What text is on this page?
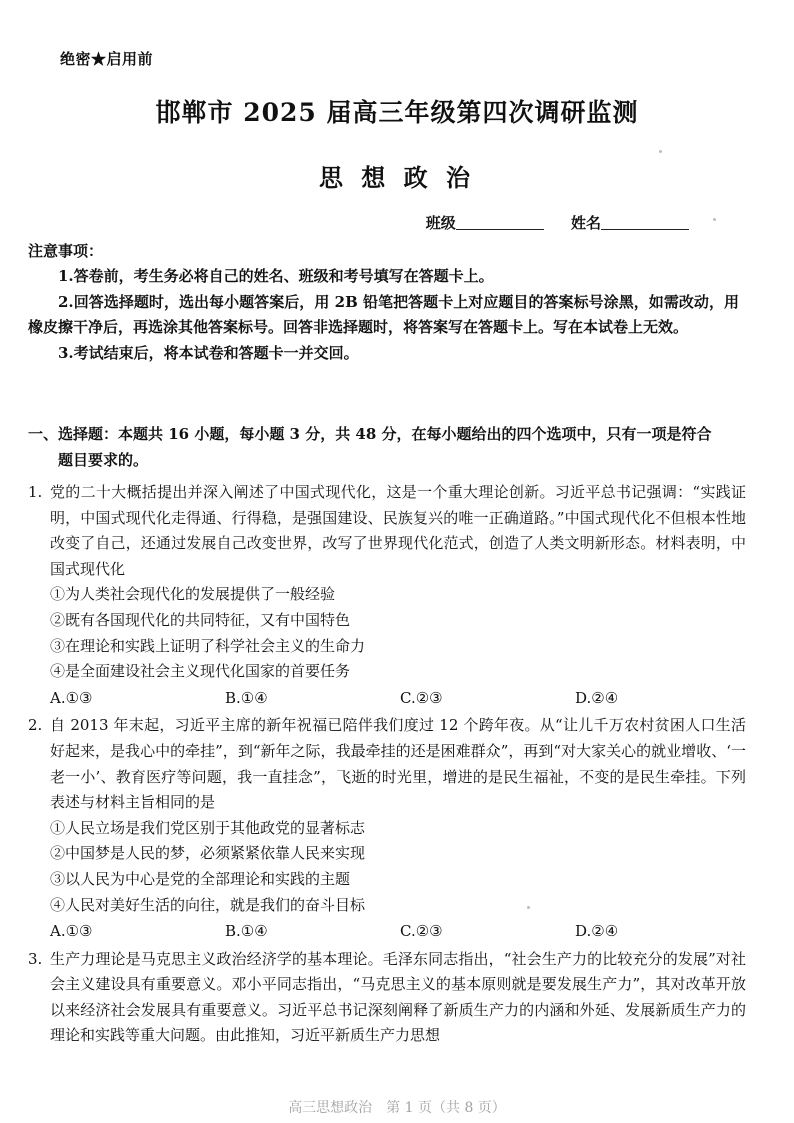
绝密★启用前
邯郸市 2025 届高三年级第四次调研监测
思 想 政 治
班级	姓名
注意事项：

1.答卷前，考生务必将自己的姓名、班级和考号填写在答题卡上。

2.回答选择题时，选出每小题答案后，用 2B 铅笔把答题卡上对应题目的答案标号涂黑，如需改动，用橡皮擦干净后，再选涂其他答案标号。回答非选择题时，将答案写在答题卡上。写在本试卷上无效。

3.考试结束后，将本试卷和答题卡一并交回。

一、选择题：本题共 16 小题，每小题 3 分，共 48 分，在每小题给出的四个选项中，只有一项是符合
题目要求的。
1. 党的二十大概括提出并深入阐述了中国式现代化，这是一个重大理论创新。习近平总书记强调：“实践证明，中国式现代化走得通、行得稳，是强国建设、民族复兴的唯一正确道路。”中国式现代化不但根本性地改变了自己，还通过发展自己改变世界，改写了世界现代化范式，创造了人类文明新形态。材料表明，中国式现代化
①为人类社会现代化的发展提供了一般经验
②既有各国现代化的共同特征，又有中国特色
③在理论和实践上证明了科学社会主义的生命力
④是全面建设社会主义现代化国家的首要任务
A.①③	B.①④	C.②③	D.②④
2. 自 2013 年末起，习近平主席的新年祝福已陪伴我们度过 12 个跨年夜。从“让儿千万农村贫困人口生活好起来，是我心中的牵挂”，到“新年之际，我最牵挂的还是困难群众”，再到“对大家关心的就业增收、‘一老一小’、教育医疗等问题，我一直挂念”，飞逝的时光里，增进的是民生福祉，不变的是民生牵挂。下列表述与材料主旨相同的是
①人民立场是我们党区别于其他政党的显著标志
②中国梦是人民的梦，必须紧紧依靠人民来实现
③以人民为中心是党的全部理论和实践的主题
④人民对美好生活的向往，就是我们的奋斗目标
A.①③	B.①④	C.②③	D.②④
3. 生产力理论是马克思主义政治经济学的基本理论。毛泽东同志指出，“社会生产力的比较充分的发展”对社会主义建设具有重要意义。邓小平同志指出，“马克思主义的基本原则就是要发展生产力”，其对改革开放以来经济社会发展具有重要意义。习近平总书记深刻阐释了新质生产力的内涵和外延、发展新质生产力的理论和实践等重大问题。由此推知，习近平新质生产力思想
高三思想政治　第 1 页（共 8 页）
